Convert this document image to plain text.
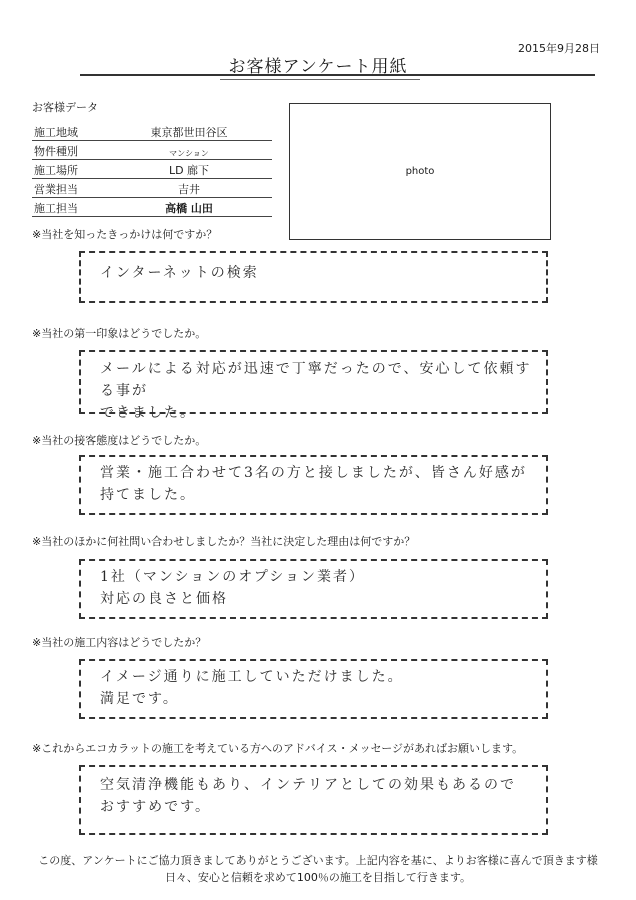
2015年9月28日
お客様アンケート用紙
お客様データ
施工地域	東京都世田谷区
物件種別	マンション
施工場所	LD 廊下
営業担当	吉井
施工担当	高橋 山田
photo
※当社を知ったきっかけは何ですか？
インターネットの検索
※当社の第一印象はどうでしたか。
メールによる対応が迅速で丁寧だったので、安心して依頼する事が
できました。
※当社の接客態度はどうでしたか。
営業・施工合わせて3名の方と接しましたが、皆さん好感が
持てました。
※当社のほかに何社問い合わせしましたか？当社に決定した理由は何ですか？
1社（マンションのオプション業者）
対応の良さと価格
※当社の施工内容はどうでしたか？
イメージ通りに施工していただけました。
満足です。
※これからエコカラットの施工を考えている方へのアドバイス・メッセージがあればお願いします。
空気清浄機能もあり、インテリアとしての効果もあるので
おすすめです。
この度、アンケートにご協力頂きましてありがとうございます。上記内容を基に、よりお客様に喜んで頂きます様
日々、安心と信頼を求めて100％の施工を目指して行きます。
